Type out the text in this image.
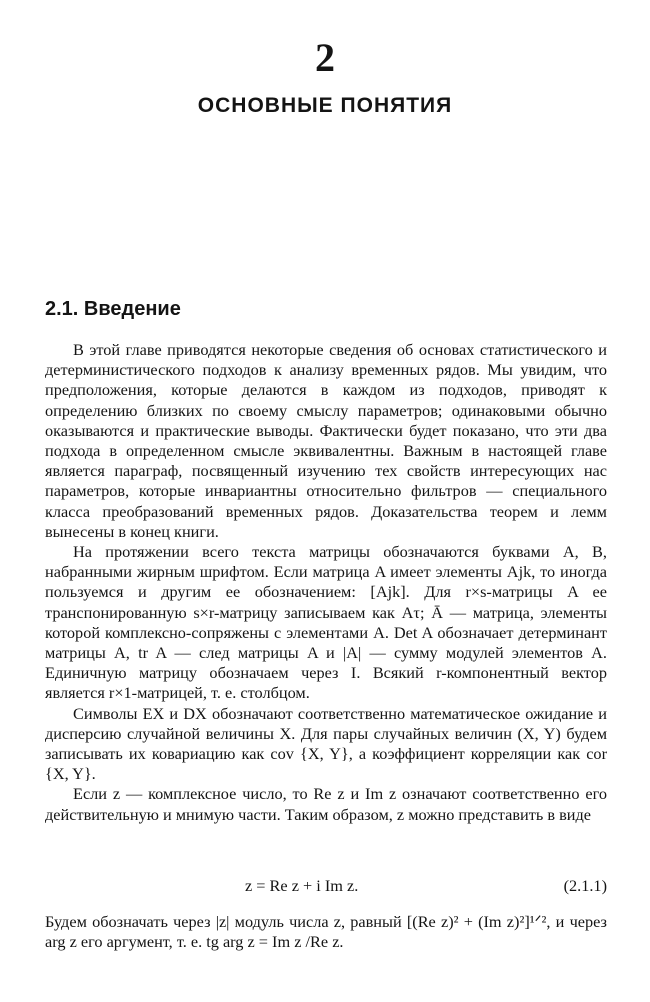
2
ОСНОВНЫЕ ПОНЯТИЯ
2.1. Введение

В этой главе приводятся некоторые сведения об основах статистического и детерминистического подходов к анализу временных рядов. Мы увидим, что предположения, которые делаются в каждом из подходов, приводят к определению близких по своему смыслу параметров; одинаковыми обычно оказываются и практические выводы. Фактически будет показано, что эти два подхода в определенном смысле эквивалентны. Важным в настоящей главе является параграф, посвященный изучению тех свойств интересующих нас параметров, которые инвариантны относительно фильтров — специального класса преобразований временных рядов. Доказательства теорем и лемм вынесены в конец книги.

На протяжении всего текста матрицы обозначаются буквами A, B, набранными жирным шрифтом. Если матрица A имеет элементы Ajk, то иногда пользуемся и другим ее обозначением: [Ajk]. Для r×s-матрицы A ее транспонированную s×r-матрицу записываем как Aτ; Ā — матрица, элементы которой комплексно-сопряжены с элементами A. Det A обозначает детерминант матрицы A, tr A — след матрицы A и |A| — сумму модулей элементов A. Единичную матрицу обозначаем через I. Всякий r-компонентный вектор является r×1-матрицей, т. е. столбцом.

Символы EX и DX обозначают соответственно математическое ожидание и дисперсию случайной величины X. Для пары случайных величин (X, Y) будем записывать их ковариацию как cov {X, Y}, а коэффициент корреляции как cor {X, Y}.

Если z — комплексное число, то Re z и Im z означают соответственно его действительную и мнимую части. Таким образом, z можно представить в виде

z = Re z + i Im z.	(2.1.1)

Будем обозначать через |z| модуль числа z, равный [(Re z)² + (Im z)²]¹ᐟ², и через arg z его аргумент, т. е. tg arg z = Im z /Re z.
